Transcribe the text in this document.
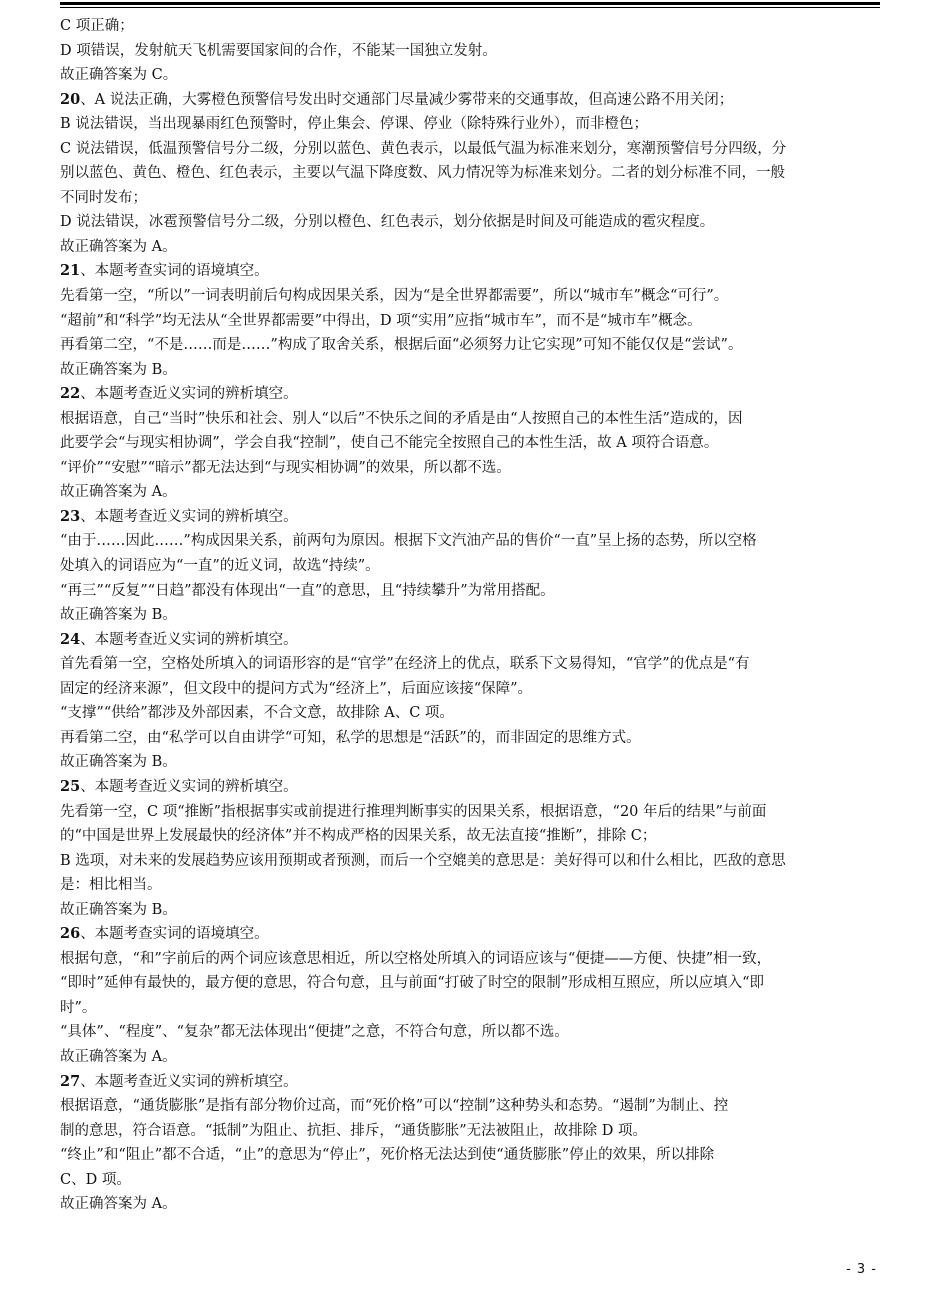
C 项正确；

D 项错误，发射航天飞机需要国家间的合作，不能某一国独立发射。

故正确答案为 C。

20、A 说法正确，大雾橙色预警信号发出时交通部门尽量减少雾带来的交通事故，但高速公路不用关闭；

B 说法错误，当出现暴雨红色预警时，停止集会、停课、停业（除特殊行业外），而非橙色；

C 说法错误，低温预警信号分二级，分别以蓝色、黄色表示，以最低气温为标准来划分，寒潮预警信号分四级，分

别以蓝色、黄色、橙色、红色表示，主要以气温下降度数、风力情况等为标准来划分。二者的划分标准不同，一般

不同时发布；

D 说法错误，冰雹预警信号分二级，分别以橙色、红色表示，划分依据是时间及可能造成的雹灾程度。

故正确答案为 A。

21、本题考查实词的语境填空。

先看第一空，“所以”一词表明前后句构成因果关系，因为“是全世界都需要”，所以“城市车”概念“可行”。

“超前”和“科学”均无法从“全世界都需要”中得出，D 项“实用”应指“城市车”，而不是“城市车”概念。

再看第二空，“不是……而是……”构成了取舍关系，根据后面“必须努力让它实现”可知不能仅仅是“尝试”。

故正确答案为 B。

22、本题考查近义实词的辨析填空。

根据语意，自己“当时”快乐和社会、别人“以后”不快乐之间的矛盾是由“人按照自己的本性生活”造成的，因

此要学会“与现实相协调”，学会自我“控制”，使自己不能完全按照自己的本性生活，故 A 项符合语意。

“评价”“安慰”“暗示”都无法达到“与现实相协调”的效果，所以都不选。

故正确答案为 A。

23、本题考查近义实词的辨析填空。

“由于……因此……”构成因果关系，前两句为原因。根据下文汽油产品的售价“一直”呈上扬的态势，所以空格

处填入的词语应为“一直”的近义词，故选“持续”。

“再三”“反复”“日趋”都没有体现出“一直”的意思，且“持续攀升”为常用搭配。

故正确答案为 B。

24、本题考查近义实词的辨析填空。

首先看第一空，空格处所填入的词语形容的是“官学”在经济上的优点，联系下文易得知，“官学”的优点是“有

固定的经济来源”，但文段中的提问方式为“经济上”，后面应该接“保障”。

“支撑”“供给”都涉及外部因素，不合文意，故排除 A、C 项。

再看第二空，由“私学可以自由讲学“可知，私学的思想是“活跃”的，而非固定的思维方式。

故正确答案为 B。

25、本题考查近义实词的辨析填空。

先看第一空，C 项“推断”指根据事实或前提进行推理判断事实的因果关系，根据语意，“20 年后的结果”与前面

的“中国是世界上发展最快的经济体”并不构成严格的因果关系，故无法直接“推断”，排除 C；

B 选项，对未来的发展趋势应该用预期或者预测，而后一个空媲美的意思是：美好得可以和什么相比，匹敌的意思

是：相比相当。

故正确答案为 B。

26、本题考查实词的语境填空。

根据句意，“和”字前后的两个词应该意思相近，所以空格处所填入的词语应该与“便捷——方便、快捷”相一致，

“即时”延伸有最快的，最方便的意思，符合句意，且与前面“打破了时空的限制”形成相互照应，所以应填入“即

时”。

“具体”、“程度”、“复杂”都无法体现出“便捷”之意，不符合句意，所以都不选。

故正确答案为 A。

27、本题考查近义实词的辨析填空。

根据语意，“通货膨胀”是指有部分物价过高，而“死价格”可以“控制”这种势头和态势。“遏制”为制止、控

制的意思，符合语意。“抵制”为阻止、抗拒、排斥，“通货膨胀”无法被阻止，故排除 D 项。

“终止”和“阻止”都不合适，“止”的意思为“停止”，死价格无法达到使“通货膨胀”停止的效果，所以排除

C、D 项。

故正确答案为 A。

- 3 -
